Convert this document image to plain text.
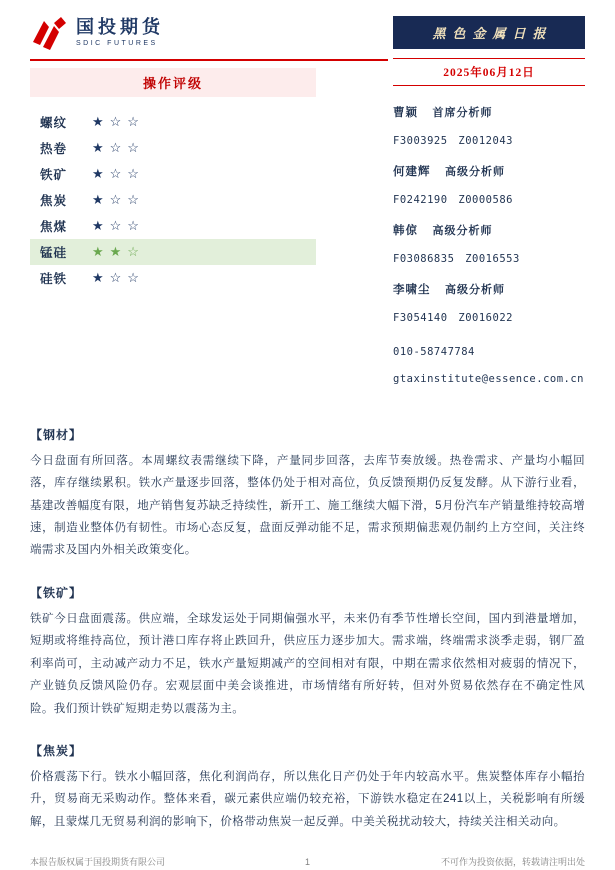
国投期货
SDIC FUTURES
操作评级
螺纹	★☆☆
热卷	★☆☆
铁矿	★☆☆
焦炭	★☆☆
焦煤	★☆☆
锰硅	★★☆
硅铁	★☆☆
黑色金属日报
2025年06月12日
曹颖 首席分析师
F3003925 Z0012043
何建辉 高级分析师
F0242190 Z0000586
韩倞 高级分析师
F03086835 Z0016553
李啸尘 高级分析师
F3054140 Z0016022
010-58747784
gtaxinstitute@essence.com.cn
【钢材】

今日盘面有所回落。本周螺纹表需继续下降，产量同步回落，去库节奏放缓。热卷需求、产量均小幅回落，库存继续累积。铁水产量逐步回落，整体仍处于相对高位，负反馈预期仍反复发酵。从下游行业看，基建改善幅度有限，地产销售复苏缺乏持续性，新开工、施工继续大幅下滑，5月份汽车产销量维持较高增速，制造业整体仍有韧性。市场心态反复，盘面反弹动能不足，需求预期偏悲观仍制约上方空间，关注终端需求及国内外相关政策变化。

【铁矿】

铁矿今日盘面震荡。供应端，全球发运处于同期偏强水平，未来仍有季节性增长空间，国内到港量增加，短期或将维持高位，预计港口库存将止跌回升，供应压力逐步加大。需求端，终端需求淡季走弱，钢厂盈利率尚可，主动减产动力不足，铁水产量短期减产的空间相对有限，中期在需求依然相对疲弱的情况下，产业链负反馈风险仍存。宏观层面中美会谈推进，市场情绪有所好转，但对外贸易依然存在不确定性风险。我们预计铁矿短期走势以震荡为主。

【焦炭】

价格震荡下行。铁水小幅回落，焦化利润尚存，所以焦化日产仍处于年内较高水平。焦炭整体库存小幅抬升，贸易商无采购动作。整体来看，碳元素供应端仍较充裕，下游铁水稳定在241以上，关税影响有所缓解，且蒙煤几无贸易利润的影响下，价格带动焦炭一起反弹。中美关税扰动较大，持续关注相关动向。

本报告版权属于国投期货有限公司	1	不可作为投资依据，转载请注明出处
